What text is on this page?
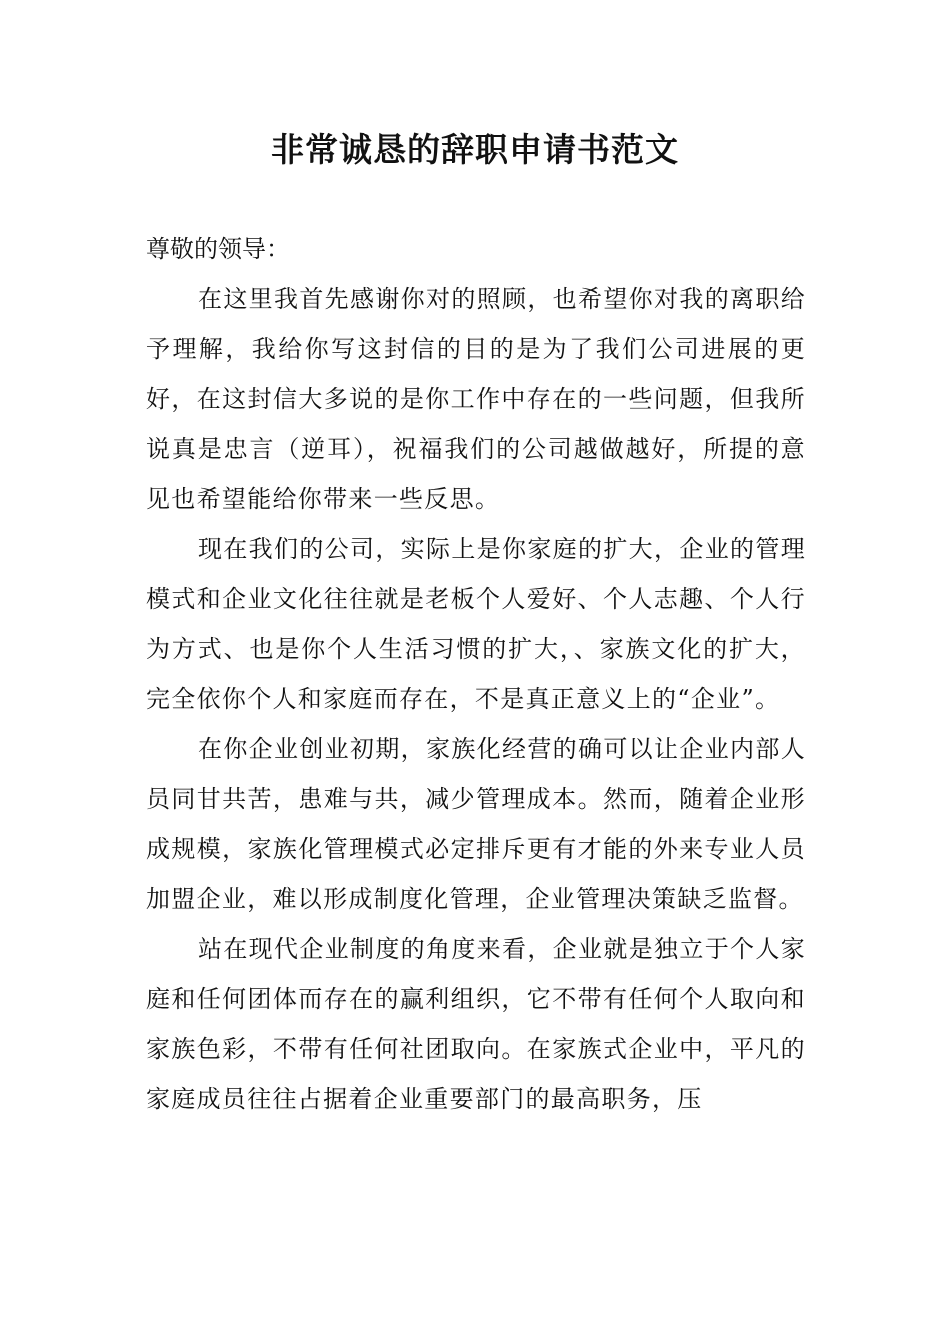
非常诚恳的辞职申请书范文

尊敬的领导：

在这里我首先感谢你对的照顾，也希望你对我的离职给予理解，我给你写这封信的目的是为了我们公司进展的更好，在这封信大多说的是你工作中存在的一些问题，但我所说真是忠言（逆耳），祝福我们的公司越做越好，所提的意见也希望能给你带来一些反思。

现在我们的公司，实际上是你家庭的扩大，企业的管理模式和企业文化往往就是老板个人爱好、个人志趣、个人行为方式、也是你个人生活习惯的扩大，、家族文化的扩大，完全依你个人和家庭而存在，不是真正意义上的“企业”。

在你企业创业初期，家族化经营的确可以让企业内部人员同甘共苦，患难与共，减少管理成本。然而，随着企业形成规模，家族化管理模式必定排斥更有才能的外来专业人员加盟企业，难以形成制度化管理，企业管理决策缺乏监督。

站在现代企业制度的角度来看，企业就是独立于个人家庭和任何团体而存在的赢利组织，它不带有任何个人取向和家族色彩，不带有任何社团取向。在家族式企业中，平凡的家庭成员往往占据着企业重要部门的最高职务，压
